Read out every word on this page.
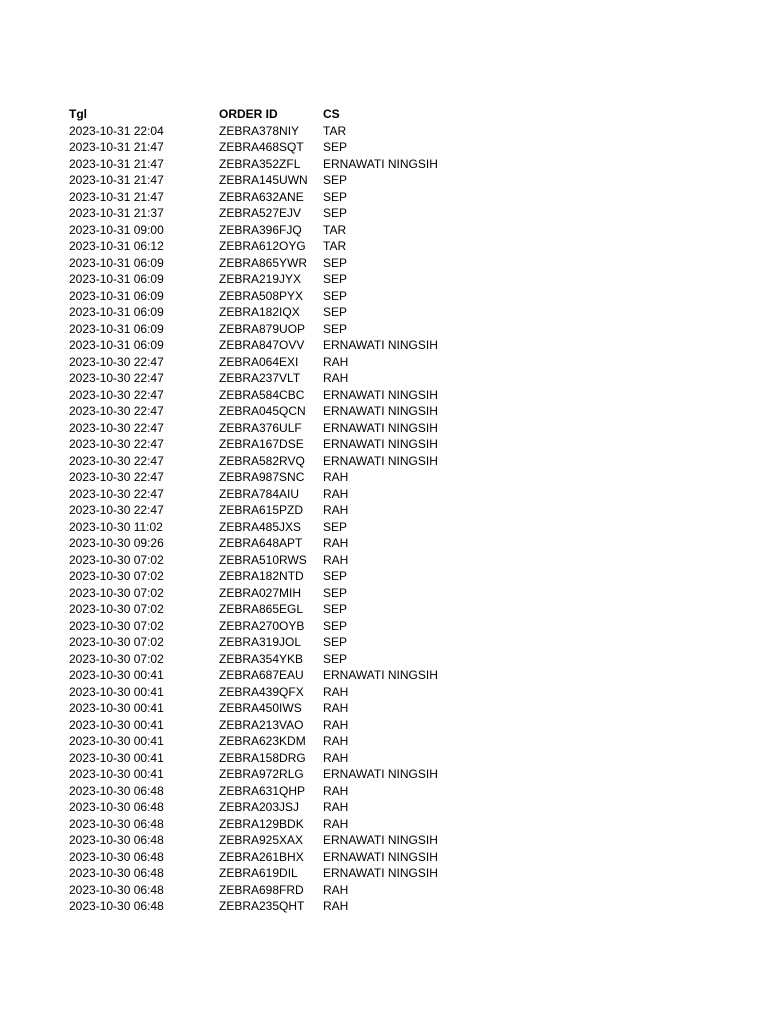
Tgl	ORDER ID	CS
2023-10-31 22:04	ZEBRA378NIY	TAR
2023-10-31 21:47	ZEBRA468SQT	SEP
2023-10-31 21:47	ZEBRA352ZFL	ERNAWATI NINGSIH
2023-10-31 21:47	ZEBRA145UWN	SEP
2023-10-31 21:47	ZEBRA632ANE	SEP
2023-10-31 21:37	ZEBRA527EJV	SEP
2023-10-31 09:00	ZEBRA396FJQ	TAR
2023-10-31 06:12	ZEBRA612OYG	TAR
2023-10-31 06:09	ZEBRA865YWR	SEP
2023-10-31 06:09	ZEBRA219JYX	SEP
2023-10-31 06:09	ZEBRA508PYX	SEP
2023-10-31 06:09	ZEBRA182IQX	SEP
2023-10-31 06:09	ZEBRA879UOP	SEP
2023-10-31 06:09	ZEBRA847OVV	ERNAWATI NINGSIH
2023-10-30 22:47	ZEBRA064EXI	RAH
2023-10-30 22:47	ZEBRA237VLT	RAH
2023-10-30 22:47	ZEBRA584CBC	ERNAWATI NINGSIH
2023-10-30 22:47	ZEBRA045QCN	ERNAWATI NINGSIH
2023-10-30 22:47	ZEBRA376ULF	ERNAWATI NINGSIH
2023-10-30 22:47	ZEBRA167DSE	ERNAWATI NINGSIH
2023-10-30 22:47	ZEBRA582RVQ	ERNAWATI NINGSIH
2023-10-30 22:47	ZEBRA987SNC	RAH
2023-10-30 22:47	ZEBRA784AIU	RAH
2023-10-30 22:47	ZEBRA615PZD	RAH
2023-10-30 11:02	ZEBRA485JXS	SEP
2023-10-30 09:26	ZEBRA648APT	RAH
2023-10-30 07:02	ZEBRA510RWS	RAH
2023-10-30 07:02	ZEBRA182NTD	SEP
2023-10-30 07:02	ZEBRA027MIH	SEP
2023-10-30 07:02	ZEBRA865EGL	SEP
2023-10-30 07:02	ZEBRA270OYB	SEP
2023-10-30 07:02	ZEBRA319JOL	SEP
2023-10-30 07:02	ZEBRA354YKB	SEP
2023-10-30 00:41	ZEBRA687EAU	ERNAWATI NINGSIH
2023-10-30 00:41	ZEBRA439QFX	RAH
2023-10-30 00:41	ZEBRA450IWS	RAH
2023-10-30 00:41	ZEBRA213VAO	RAH
2023-10-30 00:41	ZEBRA623KDM	RAH
2023-10-30 00:41	ZEBRA158DRG	RAH
2023-10-30 00:41	ZEBRA972RLG	ERNAWATI NINGSIH
2023-10-30 06:48	ZEBRA631QHP	RAH
2023-10-30 06:48	ZEBRA203JSJ	RAH
2023-10-30 06:48	ZEBRA129BDK	RAH
2023-10-30 06:48	ZEBRA925XAX	ERNAWATI NINGSIH
2023-10-30 06:48	ZEBRA261BHX	ERNAWATI NINGSIH
2023-10-30 06:48	ZEBRA619DIL	ERNAWATI NINGSIH
2023-10-30 06:48	ZEBRA698FRD	RAH
2023-10-30 06:48	ZEBRA235QHT	RAH
